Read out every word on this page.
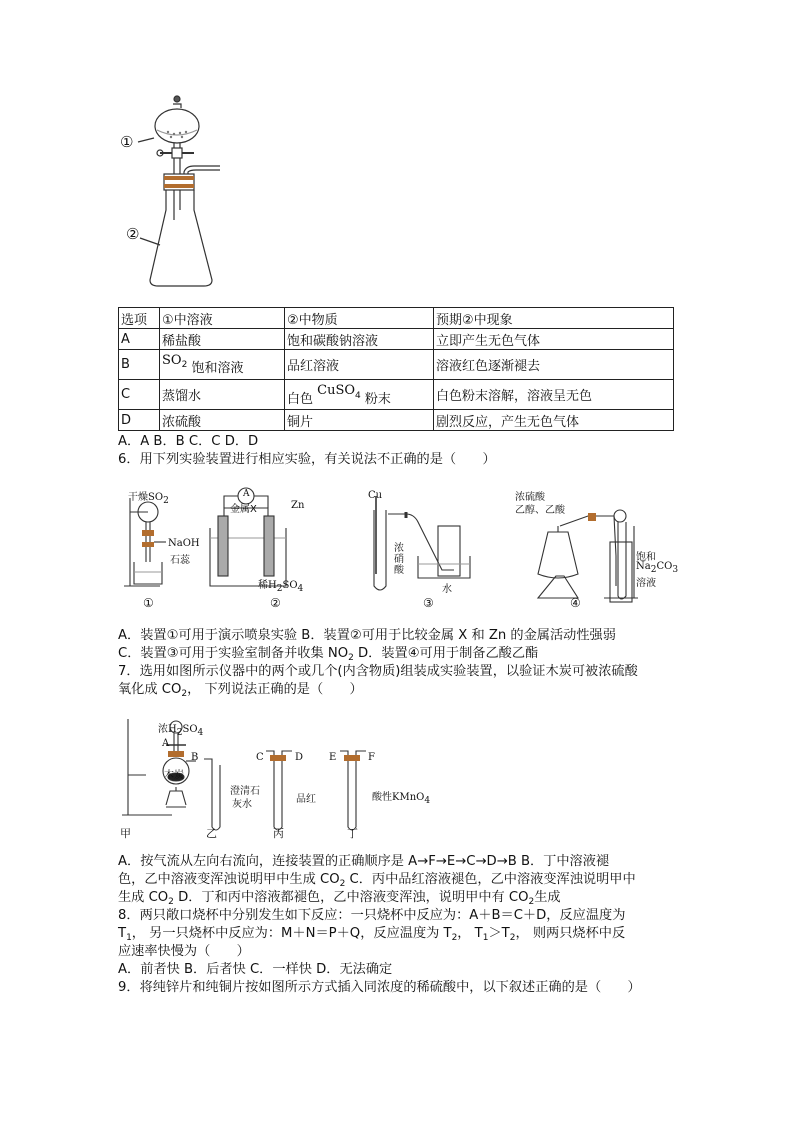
①
②
选项	①中溶液	②中物质	预期②中现象
A	稀盐酸	饱和碳酸钠溶液	立即产生无色气体
B	SO2 饱和溶液	品红溶液	溶液红色逐渐褪去
C	蒸馏水	白色 CuSO4 粉末	白色粉末溶解，溶液呈无色
D	浓硫酸	铜片	剧烈反应，产生无色气体
A．A B．B C．C D．D
6．用下列实验装置进行相应实验，有关说法不正确的是（　　）
干燥SO2
NaOH
石蕊
①
金属X	Zn
A
稀H2SO4
②
Cu
浓硝酸
水
③
浓硫酸
乙醇、乙酸
饱和
Na2CO3
溶液
④
A．装置①可用于演示喷泉实验 B．装置②可用于比较金属 X 和 Zn 的金属活动性强弱
C．装置③可用于实验室制备并收集 $NO_2$ D．装置④可用于制备乙酸乙酯
7．选用如图所示仪器中的两个或几个(内含物质)组装成实验装置，以验证木炭可被浓硫酸
氧化成 $CO_2$， 下列说法正确的是（　　）
浓H2SO4
A
木炭
B	C	D	E	F
澄清石
灰水	品红	酸性KMnO4
甲	乙	丙	丁
A．按气流从左向右流向，连接装置的正确顺序是 A→F→E→C→D→B B．丁中溶液褪
色，乙中溶液变浑浊说明甲中生成 $CO_2$ C．丙中品红溶液褪色，乙中溶液变浑浊说明甲中
生成 $CO_2$ D．丁和丙中溶液都褪色，乙中溶液变浑浊，说明甲中有 $CO_2$生成
8．两只敞口烧杯中分别发生如下反应：一只烧杯中反应为：A＋B＝C＋D，反应温度为
$T_1$， 另一只烧杯中反应为：M＋N＝P＋Q，反应温度为 $T_2$， $T_1>T_2$， 则两只烧杯中反
应速率快慢为（　　）
A．前者快 B．后者快 C．一样快 D．无法确定
9．将纯锌片和纯铜片按如图所示方式插入同浓度的稀硫酸中，以下叙述正确的是（　　）
